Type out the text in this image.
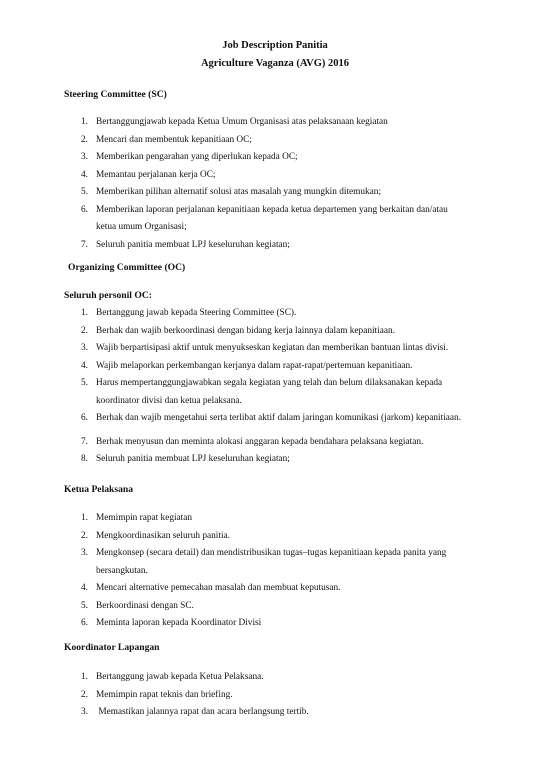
Job Description Panitia
Agriculture Vaganza (AVG) 2016
Steering Committee (SC)
1. Bertanggungjawab kepada Ketua Umum Organisasi atas pelaksanaan kegiatan
2. Mencari dan membentuk kepanitiaan OC;
3. Memberikan pengarahan yang diperlukan kepada OC;
4. Memantau perjalanan kerja OC;
5. Memberikan pilihan alternatif solusi atas masalah yang mungkin ditemukan;
6. Memberikan laporan perjalanan kepanitiaan kepada ketua departemen yang berkaitan dan/atau
ketua umum Organisasi;
7. Seluruh panitia membuat LPJ keseluruhan kegiatan;
Organizing Committee (OC)
Seluruh personil OC:
1. Bertanggung jawab kepada Steering Committee (SC).
2. Berhak dan wajib berkoordinasi dengan bidang kerja lainnya dalam kepanitiaan.
3. Wajib berpartisipasi aktif untuk menyukseskan kegiatan dan memberikan bantuan lintas divisi.
4. Wajib melaporkan perkembangan kerjanya dalam rapat-rapat/pertemuan kepanitiaan.
5. Harus mempertanggungjawabkan segala kegiatan yang telah dan belum dilaksanakan kepada
koordinator divisi dan ketua pelaksana.
6. Berhak dan wajib mengetahui serta terlibat aktif dalam jaringan komunikasi (jarkom) kepanitiaan.
7. Berhak menyusun dan meminta alokasi anggaran kepada bendahara pelaksana kegiatan.
8. Seluruh panitia membuat LPJ keseluruhan kegiatan;
Ketua Pelaksana
1. Memimpin rapat kegiatan
2. Mengkoordinasikan seluruh panitia.
3. Mengkonsep (secara detail) dan mendistribusikan tugas–tugas kepanitiaan kepada panita yang
bersangkutan.
4. Mencari alternative pemecahan masalah dan membuat keputusan.
5. Berkoordinasi dengan SC.
6. Meminta laporan kepada Koordinator Divisi
Koordinator Lapangan
1. Bertanggung jawab kepada Ketua Pelaksana.
2. Memimpin rapat teknis dan briefing.
3. Memastikan jalannya rapat dan acara berlangsung tertib.
